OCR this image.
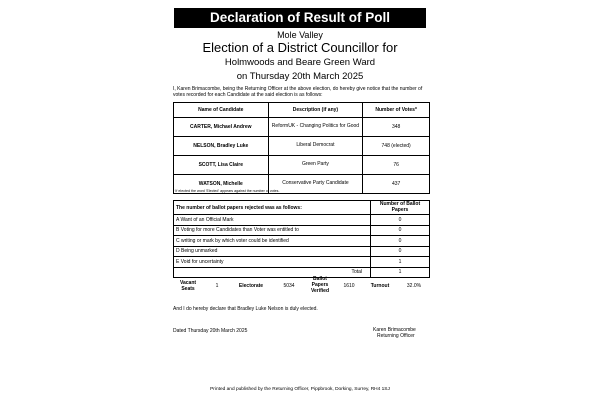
Declaration of Result of Poll
Mole Valley
Election of a District Councillor for
Holmwoods and Beare Green Ward
on Thursday 20th March 2025
I, Karen Brimacombe, being the Returning Officer at the above election, do hereby give notice that the number of votes recorded for each Candidate at the said election is as follows:
Name of Candidate	Description (if any)	Number of Votes*
CARTER, Michael Andrew	ReformUK - Changing Politics for Good	348
NELSON, Bradley Luke	Liberal Democrat	748 (elected)
SCOTT, Lisa Claire	Green Party	76
WATSON, Michelle	Conservative Party Candidate	437
* If elected the word 'Elected' appears against the number of votes.
The number of ballot papers rejected was as follows:	Number of Ballot Papers
A Want of an Official Mark	0
B Voting for more Candidates than Voter was entitled to	0
C writing or mark by which voter could be identified	0
D Being unmarked	0
E Void for uncertainty	1
Total	1
Vacant Seats	1	Electorate	5034
Ballot Papers Verified
1610	Turnout	32.0%
And I do hereby declare that Bradley Luke Nelson is duly elected.
Dated Thursday 20th March 2025	Karen Brimacombe
Returning Officer
Printed and published by the Returning Officer, Pippbrook, Dorking, Surrey, RH4 1SJ
